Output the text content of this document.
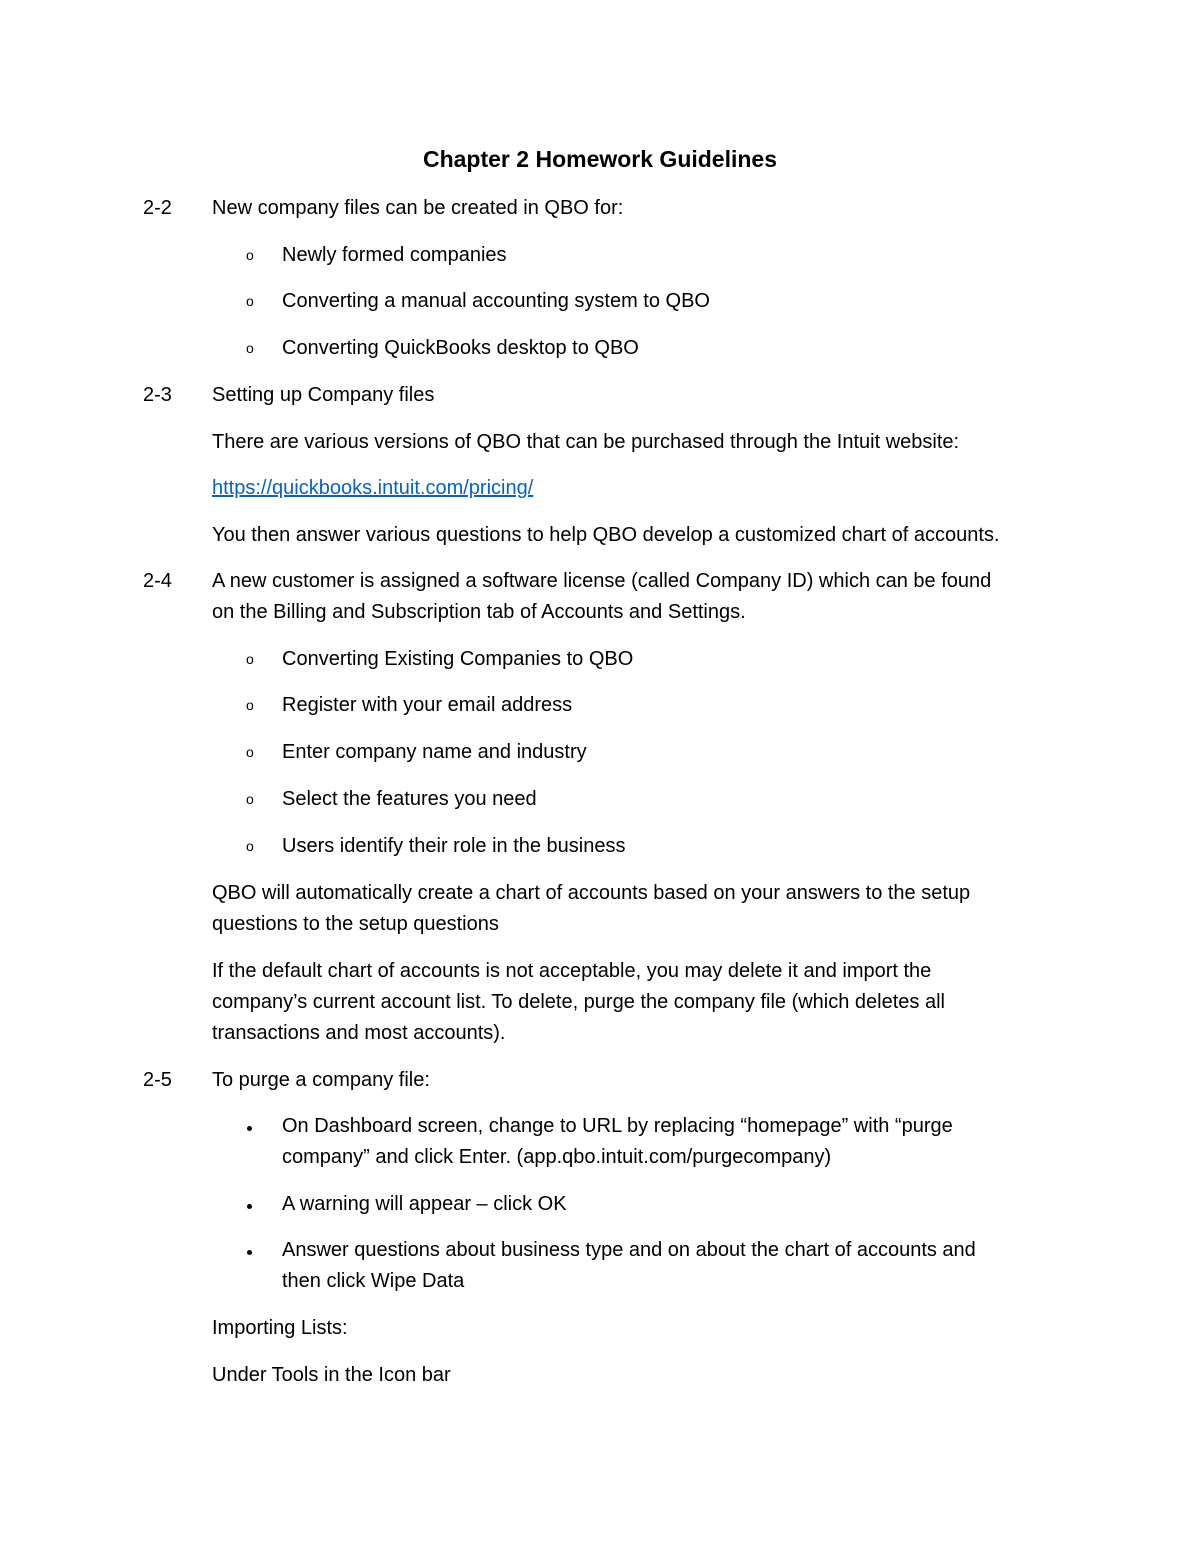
Chapter 2 Homework Guidelines
2-2 New company files can be created in QBO for:
o Newly formed companies
o Converting a manual accounting system to QBO
o Converting QuickBooks desktop to QBO
2-3 Setting up Company files
There are various versions of QBO that can be purchased through the Intuit website:
https://quickbooks.intuit.com/pricing/
You then answer various questions to help QBO develop a customized chart of accounts.
2-4 A new customer is assigned a software license (called Company ID) which can be found
on the Billing and Subscription tab of Accounts and Settings.
o Converting Existing Companies to QBO
o Register with your email address
o Enter company name and industry
o Select the features you need
o Users identify their role in the business
QBO will automatically create a chart of accounts based on your answers to the setup
questions to the setup questions
If the default chart of accounts is not acceptable, you may delete it and import the
company’s current account list. To delete, purge the company file (which deletes all
transactions and most accounts).
2-5 To purge a company file:
On Dashboard screen, change to URL by replacing “homepage” with “purge
company” and click Enter. (app.qbo.intuit.com/purgecompany)
A warning will appear – click OK
Answer questions about business type and on about the chart of accounts and
then click Wipe Data
Importing Lists:
Under Tools in the Icon bar
